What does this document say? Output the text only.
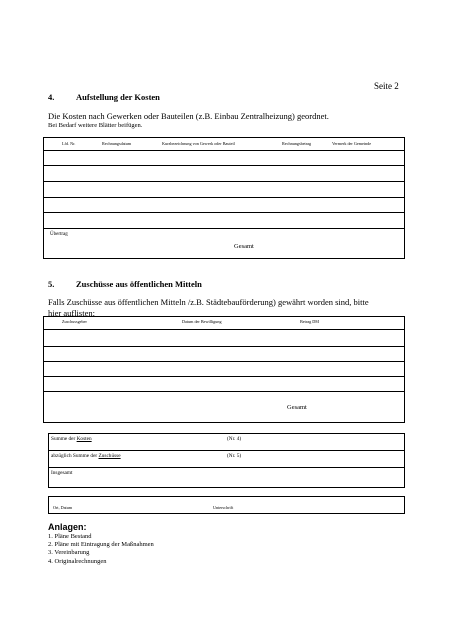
Seite 2
4.	Aufstellung der Kosten
Die Kosten nach Gewerken oder Bauteilen (z.B. Einbau Zentralheizung) geordnet.
Bei Bedarf weitere Blätter beifügen.
Lfd. Nr.	Rechnungsdatum	Kurzbezeichnung von Gewerk oder Bauteil	Rechnungsbetrag	Vermerk der Gemeinde

Übertrag
Gesamt
5.	Zuschüsse aus öffentlichen Mitteln
Falls Zuschüsse aus öffentlichen Mitteln /z.B. Städtebauförderung) gewährt worden sind, bitte
hier auflisten:
Zuschussgeber	Datum der Bewilligung	Betrag DM

Gesamt
Summe der Kosten	(Nr. 4)
abzüglich Summe der Zuschüsse	(Nr. 5)
Insgesamt
Ort, Datum	Unterschrift
Anlagen:
1. Pläne Bestand
2. Pläne mit Eintragung der Maßnahmen
3. Vereinbarung
4. Originalrechnungen
